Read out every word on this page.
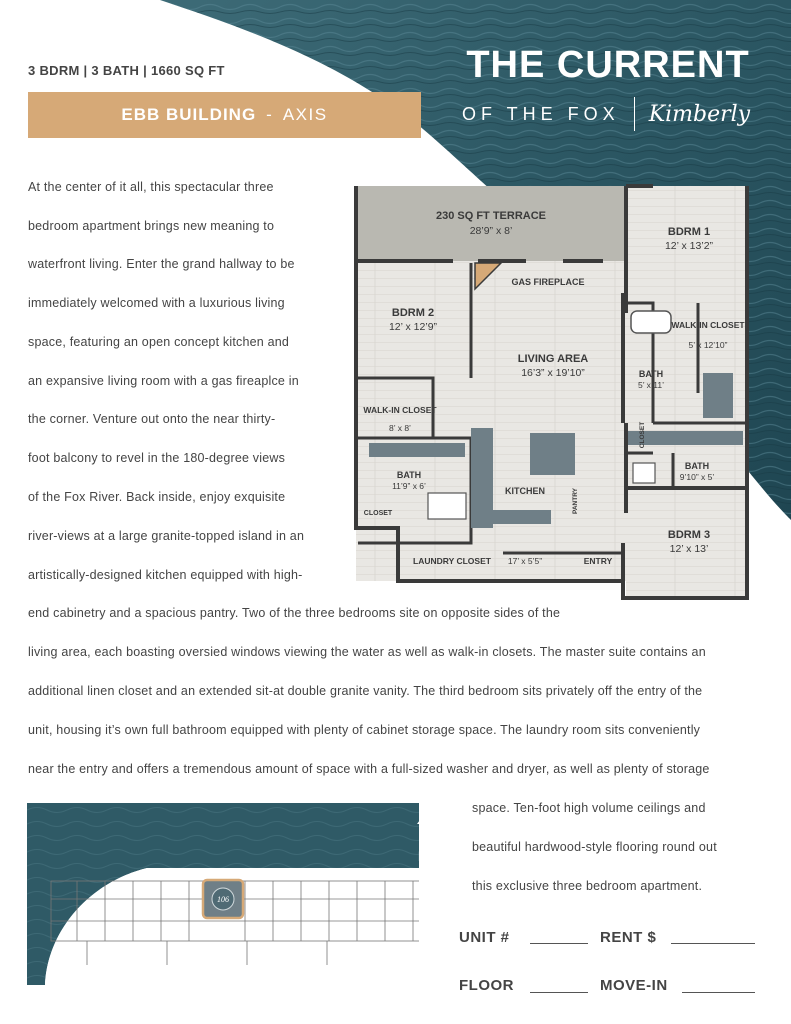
3 BDRM | 3 BATH | 1660 SQ FT
EBB BUILDING - AXIS
THE CURRENT
OF THE FOX Kimberly
At the center of it all, this spectacular three
bedroom apartment brings new meaning to
waterfront living. Enter the grand hallway to be
immediately welcomed with a luxurious living
space, featuring an open concept kitchen and
an expansive living room with a gas fireaplce in
the corner. Venture out onto the near thirty-
foot balcony to revel in the 180-degree views
of the Fox River. Back inside, enjoy exquisite
river-views at a large granite-topped island in an
artistically-designed kitchen equipped with high-
end cabinetry and a spacious pantry. Two of the three bedrooms site on opposite sides of the
living area, each boasting oversied windows viewing the water as well as walk-in closets. The master suite contains an
additional linen closet and an extended sit-at double granite vanity. The third bedroom sits privately off the entry of the
unit, housing it’s own full bathroom equipped with plenty of cabinet storage space. The laundry room sits conveniently
near the entry and offers a tremendous amount of space with a full-sized washer and dryer, as well as plenty of storage
space. Ten-foot high volume ceilings and
beautiful hardwood-style flooring round out
this exclusive three bedroom apartment.
230 SQ FT TERRACE
28’9” x 8’	BDRM 1
12’ x 13’2”
BDRM 2
12’ x 12’9”
LIVING AREA
16’3” x 19’10”
GAS FIREPLACE
WALK-IN CLOSET
5’ x 12’10”
WALK-IN CLOSET
8’ x 8’
BATH
5’ x 11’
BATH
11’9” x 6’
BATH
9’10” x 5’
CLOSET
KITCHEN
BDRM 3
12’ x 13’
LAUNDRY CLOSET 17’ x 5’5”	ENTRY
PANTRY
CLOSET
106
N
UNIT #	RENT $
FLOOR	MOVE-IN
